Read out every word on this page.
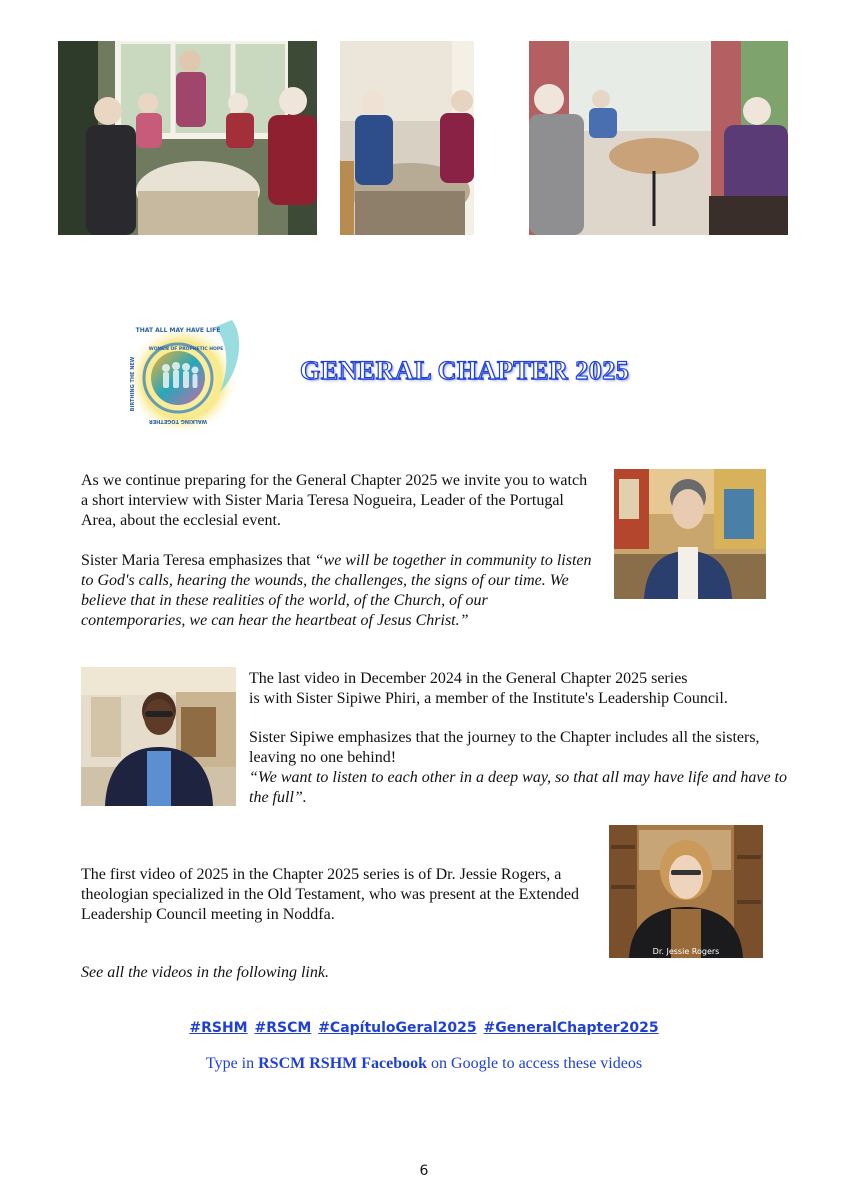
THAT ALL MAY HAVE LIFE
WOMEN OF PROPHETIC HOPE
WALKING TOGETHER
BIRTHING THE NEW	GENERAL CHAPTER 2025

As we continue preparing for the General Chapter 2025 we invite you to watch a short interview with Sister Maria Teresa Nogueira, Leader of the Portugal Area, about the ecclesial event.

Sister Maria Teresa emphasizes that “we will be together in community to listen to God's calls, hearing the wounds, the challenges, the signs of our time. We believe that in these realities of the world, of the Church, of our contemporaries, we can hear the heartbeat of Jesus Christ.”

The last video in December 2024 in the General Chapter 2025 series

is with Sister Sipiwe Phiri, a member of the Institute's Leadership Council.

Sister Sipiwe emphasizes that the journey to the Chapter includes all the sisters, leaving no one behind!

“We want to listen to each other in a deep way, so that all may have life and have to the full”.

The first video of 2025 in the Chapter 2025 series is of Dr. Jessie Rogers, a theologian specialized in the Old Testament, who was present at the Extended Leadership Council meeting in Noddfa.

Dr. Jessie Rogers
See all the videos in the following link.
#RSHM #RSCM #CapítuloGeral2025 #GeneralChapter2025
Type in RSCM RSHM Facebook on Google to access these videos
6
